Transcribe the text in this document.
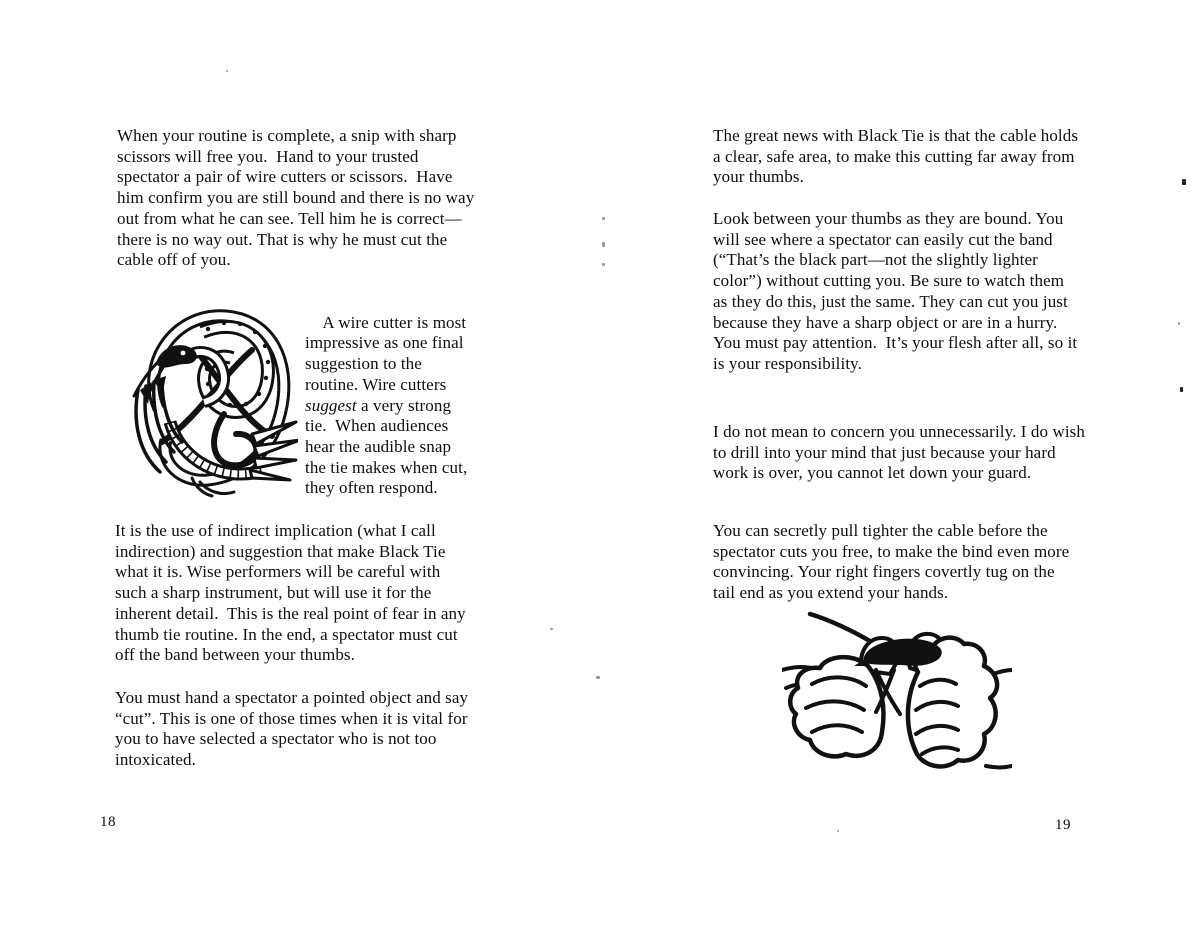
When your routine is complete, a snip with sharp scissors will free you.  Hand to your trusted spectator a pair of wire cutters or scissors.  Have him confirm you are still bound and there is no way out from what he can see. Tell him he is correct—there is no way out. That is why he must cut the cable off of you.

A wire cutter is most impressive as one final suggestion to the routine. Wire cutters suggest a very strong tie.  When audiences hear the audible snap the tie makes when cut, they often respond.

It is the use of indirect implication (what I call indirection) and suggestion that make Black Tie what it is. Wise performers will be careful with such a sharp instrument, but will use it for the inherent detail.  This is the real point of fear in any thumb tie routine. In the end, a spectator must cut off the band between your thumbs.
You must hand a spectator a pointed object and say “cut”. This is one of those times when it is vital for you to have selected a spectator who is not too intoxicated.
18
The great news with Black Tie is that the cable holds a clear, safe area, to make this cutting far away from your thumbs.
Look between your thumbs as they are bound. You will see where a spectator can easily cut the band (“That’s the black part—not the slightly lighter color”) without cutting you. Be sure to watch them as they do this, just the same. They can cut you just because they have a sharp object or are in a hurry. You must pay attention.  It’s your flesh after all, so it is your responsibility.
I do not mean to concern you unnecessarily. I do wish to drill into your mind that just because your hard work is over, you cannot let down your guard.
You can secretly pull tighter the cable before the spectator cuts you free, to make the bind even more convincing. Your right fingers covertly tug on the tail end as you extend your hands.
19
